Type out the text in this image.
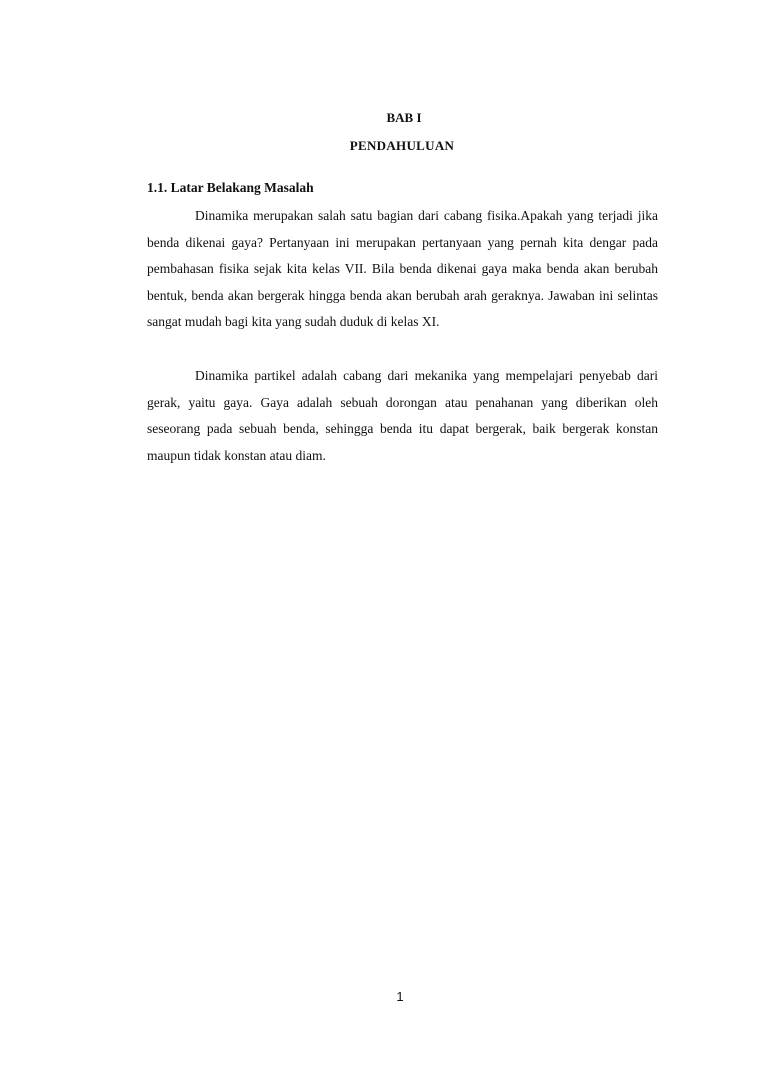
BAB I
PENDAHULUAN
1.1. Latar Belakang Masalah

Dinamika merupakan salah satu bagian dari cabang fisika.Apakah yang terjadi jika benda dikenai gaya? Pertanyaan ini merupakan pertanyaan yang pernah kita dengar pada pembahasan fisika sejak kita kelas VII. Bila benda dikenai gaya maka benda akan berubah bentuk, benda akan bergerak hingga benda akan berubah arah geraknya. Jawaban ini selintas sangat mudah bagi kita yang sudah duduk di kelas XI.

Dinamika partikel adalah cabang dari mekanika yang mempelajari penyebab dari gerak, yaitu gaya. Gaya adalah sebuah dorongan atau penahanan yang diberikan oleh seseorang pada sebuah benda, sehingga benda itu dapat bergerak, baik bergerak konstan maupun tidak konstan atau diam.

1
